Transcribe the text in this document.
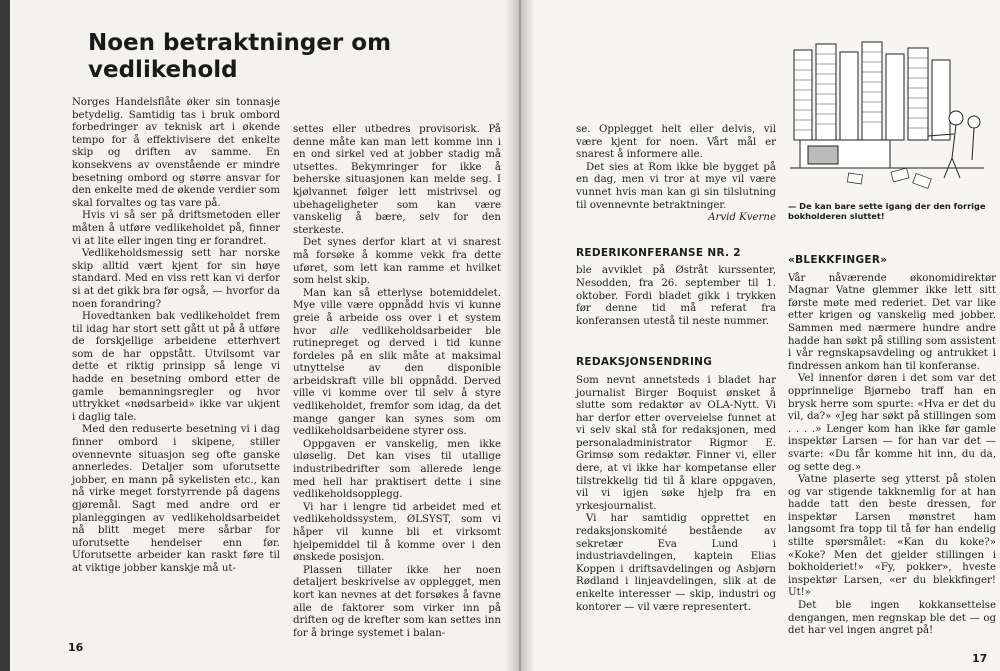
Noen betraktninger om
vedlikehold

Norges Handelsflåte øker sin tonnasje betydelig. Samtidig tas i bruk ombord forbedringer av teknisk art i økende tempo for å effektivisere det enkelte skip og driften av samme. En konsekvens av ovenstående er mindre besetning ombord og større ansvar for den enkelte med de økende verdier som skal forvaltes og tas vare på.

Hvis vi så ser på driftsmetoden eller måten å utføre vedlikeholdet på, finner vi at lite eller ingen ting er forandret.

Vedlikeholdsmessig sett har norske skip alltid vært kjent for sin høye standard. Med en viss rett kan vi derfor si at det gikk bra før også, — hvorfor da noen forandring?

Hovedtanken bak vedlikeholdet frem til idag har stort sett gått ut på å utføre de forskjellige arbeidene etterhvert som de har oppstått. Utvilsomt var dette et riktig prinsipp så lenge vi hadde en besetning ombord etter de gamle bemanningsregler og hvor uttrykket «nødsarbeid» ikke var ukjent i daglig tale.

Med den reduserte besetning vi i dag finner ombord i skipene, stiller ovennevnte situasjon seg ofte ganske annerledes. Detaljer som uforutsette jobber, en mann på sykelisten etc., kan nå virke meget forstyrrende på dagens gjøremål. Sagt med andre ord er planleggingen av vedlikeholdsarbeidet nå blitt meget mere sårbar for uforutsette hendelser enn før. Uforutsette arbeider kan raskt føre til at viktige jobber kanskje må ut-

settes eller utbedres provisorisk. På denne måte kan man lett komme inn i en ond sirkel ved at jobber stadig må utsettes. Bekymringer for ikke å beherske situasjonen kan melde seg. I kjølvannet følger lett mistrivsel og ubehageligheter som kan være vanskelig å bære, selv for den sterkeste.

Det synes derfor klart at vi snarest må forsøke å komme vekk fra dette uføret, som lett kan ramme et hvilket som helst skip.

Man kan så etterlyse botemiddelet. Mye ville være oppnådd hvis vi kunne greie å arbeide oss over i et system hvor alle vedlikeholdsarbeider ble rutinepreget og derved i tid kunne fordeles på en slik måte at maksimal utnyttelse av den disponible arbeidskraft ville bli oppnådd. Derved ville vi komme over til selv å styre vedlikeholdet, fremfor som idag, da det mange ganger kan synes som om vedlikeholdsarbeidene styrer oss.

Oppgaven er vanskelig, men ikke uløselig. Det kan vises til utallige industribedrifter som allerede lenge med hell har praktisert dette i sine vedlikeholdsopplegg.

Vi har i lengre tid arbeidet med et vedlikeholdssystem, ØLSYST, som vi håper vil kunne bli et virksomt hjelpemiddel til å komme over i den ønskede posisjon.

Plassen tillater ikke her noen detaljert beskrivelse av opplegget, men kort kan nevnes at det forsøkes å favne alle de faktorer som virker inn på driften og de krefter som kan settes inn for å bringe systemet i balan-

16

se. Opplegget helt eller delvis, vil være kjent for noen. Vårt mål er snarest å informere alle.

Det sies at Rom ikke ble bygget på en dag, men vi tror at mye vil være vunnet hvis man kan gi sin tilslutning til ovennevnte betraktninger.

Arvid Kverne

REDERIKONFERANSE NR. 2

ble avviklet på Østråt kurssenter, Nesodden, fra 26. september til 1. oktober. Fordi bladet gikk i trykken før denne tid må referat fra konferansen utestå til neste nummer.

REDAKSJONSENDRING

Som nevnt annetsteds i bladet har journalist Birger Boquist ønsket å slutte som redaktør av OLA-Nytt. Vi har derfor etter overveielse funnet at vi selv skal stå for redaksjonen, med personaladministrator Rigmor E. Grimsø som redaktør. Finner vi, eller dere, at vi ikke har kompetanse eller tilstrekkelig tid til å klare oppgaven, vil vi igjen søke hjelp fra en yrkesjournalist.

Vi har samtidig opprettet en redaksjonskomité bestående av sekretær Eva Lund i industriavdelingen, kaptein Elias Koppen i driftsavdelingen og Asbjørn Rødland i linjeavdelingen, slik at de enkelte interesser — skip, industri og kontorer — vil være representert.

— De kan bare sette igang der den forrige bokholderen sluttet!
«BLEKKFINGER»

Vår nåværende økonomidirektør Magnar Vatne glemmer ikke lett sitt første møte med rederiet. Det var like etter krigen og vanskelig med jobber. Sammen med nærmere hundre andre hadde han søkt på stilling som assistent i vår regnskapsavdeling og antrukket i findressen ankom han til konferanse.

Vel innenfor døren i det som var det opprinnelige Bjørnebo traff han en brysk herre som spurte: «Hva er det du vil, da?» «Jeg har søkt på stillingen som . . . .» Lenger kom han ikke før gamle inspektør Larsen — for han var det — svarte: «Du får komme hit inn, du da, og sette deg.»

Vatne plaserte seg ytterst på stolen og var stigende takknemlig for at han hadde tatt den beste dressen, for inspektør Larsen mønstret ham langsomt fra topp til tå før han endelig stilte spørsmålet: «Kan du koke?» «Koke? Men det gjelder stillingen i bokholderiet!» «Fy, pokker», hveste inspektør Larsen, «er du blekkfinger! Ut!»

Det ble ingen kokkansettelse dengangen, men regnskap ble det — og det har vel ingen angret på!

17
